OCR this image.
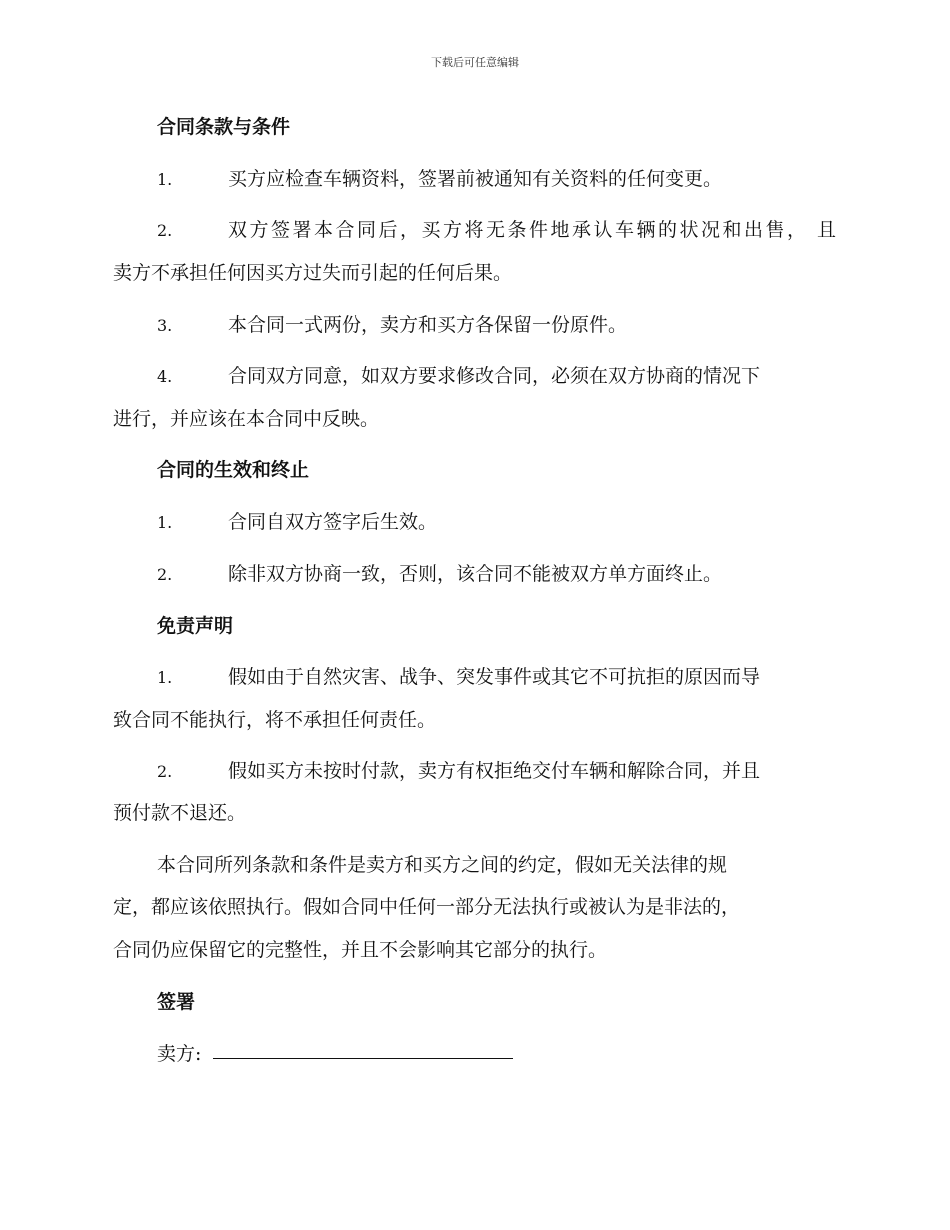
下载后可任意编辑
合同条款与条件
1.	买方应检查车辆资料，签署前被通知有关资料的任何变更。
2.	双方签署本合同后，买方将无条件地承认车辆的状况和出售， 且
卖方不承担任何因买方过失而引起的任何后果。
3.	本合同一式两份，卖方和买方各保留一份原件。
4.	合同双方同意，如双方要求修改合同，必须在双方协商的情况下
进行，并应该在本合同中反映。
合同的生效和终止
1.	合同自双方签字后生效。
2.	除非双方协商一致，否则，该合同不能被双方单方面终止。
免责声明
1.	假如由于自然灾害、战争、突发事件或其它不可抗拒的原因而导
致合同不能执行，将不承担任何责任。
2.	假如买方未按时付款，卖方有权拒绝交付车辆和解除合同，并且
预付款不退还。
本合同所列条款和条件是卖方和买方之间的约定，假如无关法律的规
定，都应该依照执行。假如合同中任何一部分无法执行或被认为是非法的，
合同仍应保留它的完整性，并且不会影响其它部分的执行。
签署
卖方:
